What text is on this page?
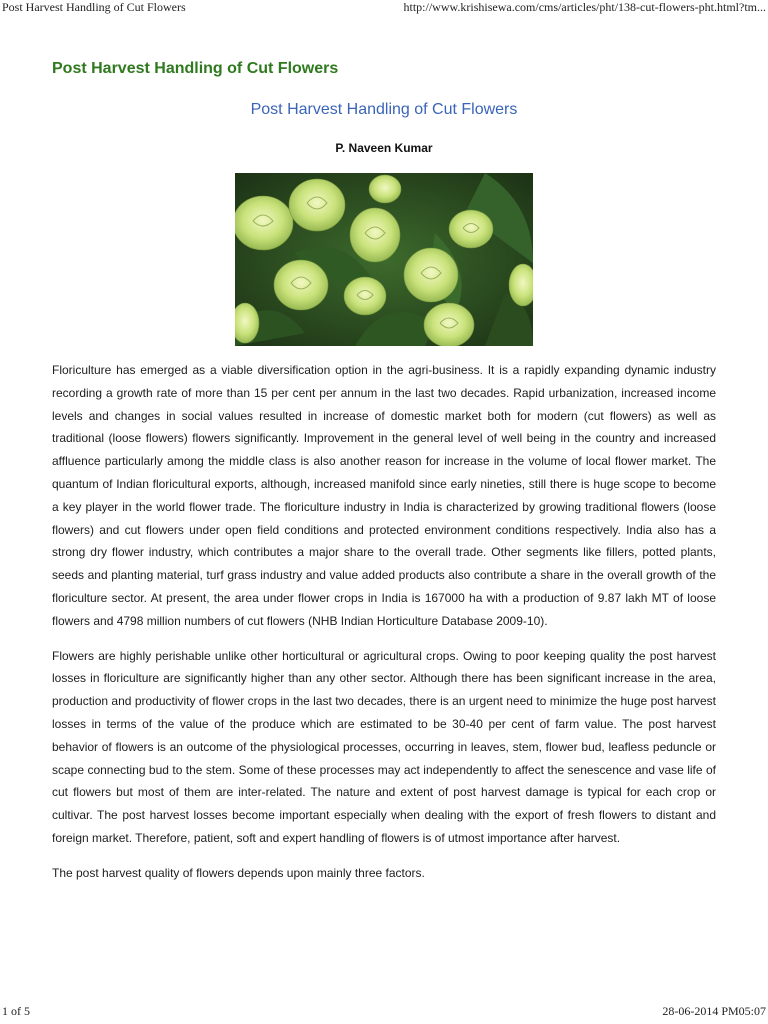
Post Harvest Handling of Cut Flowers	http://www.krishisewa.com/cms/articles/pht/138-cut-flowers-pht.html?tm...
Post Harvest Handling of Cut Flowers
Post Harvest Handling of Cut Flowers
P. Naveen Kumar

Floriculture has emerged as a viable diversification option in the agri-business. It is a rapidly expanding dynamic industry recording a growth rate of more than 15 per cent per annum in the last two decades. Rapid urbanization, increased income levels and changes in social values resulted in increase of domestic market both for modern (cut flowers) as well as traditional (loose flowers) flowers significantly. Improvement in the general level of well being in the country and increased affluence particularly among the middle class is also another reason for increase in the volume of local flower market. The quantum of Indian floricultural exports, although, increased manifold since early nineties, still there is huge scope to become a key player in the world flower trade. The floriculture industry in India is characterized by growing traditional flowers (loose flowers) and cut flowers under open field conditions and protected environment conditions respectively. India also has a strong dry flower industry, which contributes a major share to the overall trade. Other segments like fillers, potted plants, seeds and planting material, turf grass industry and value added products also contribute a share in the overall growth of the floriculture sector. At present, the area under flower crops in India is 167000 ha with a production of 9.87 lakh MT of loose flowers and 4798 million numbers of cut flowers (NHB Indian Horticulture Database 2009-10).

Flowers are highly perishable unlike other horticultural or agricultural crops. Owing to poor keeping quality the post harvest losses in floriculture are significantly higher than any other sector. Although there has been significant increase in the area, production and productivity of flower crops in the last two decades, there is an urgent need to minimize the huge post harvest losses in terms of the value of the produce which are estimated to be 30-40 per cent of farm value. The post harvest behavior of flowers is an outcome of the physiological processes, occurring in leaves, stem, flower bud, leafless peduncle or scape connecting bud to the stem. Some of these processes may act independently to affect the senescence and vase life of cut flowers but most of them are inter-related. The nature and extent of post harvest damage is typical for each crop or cultivar. The post harvest losses become important especially when dealing with the export of fresh flowers to distant and foreign market. Therefore, patient, soft and expert handling of flowers is of utmost importance after harvest.

The post harvest quality of flowers depends upon mainly three factors.

1 of 5	28-06-2014 PM05:07
